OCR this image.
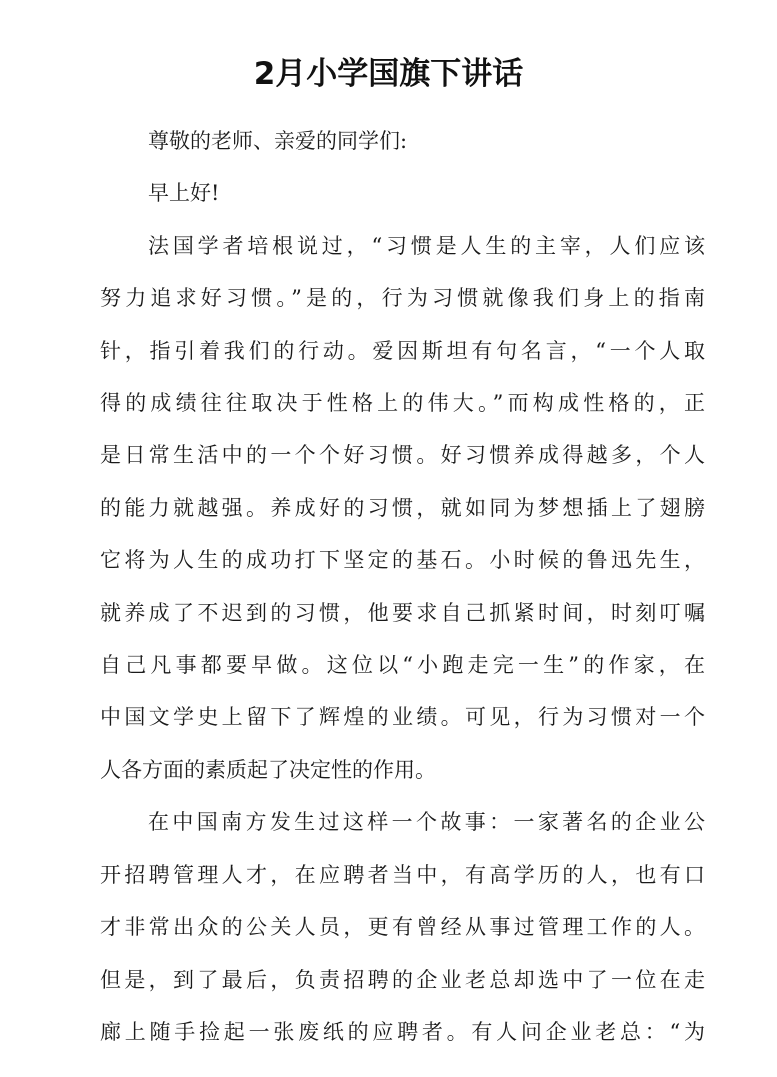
2月小学国旗下讲话

尊敬的老师、亲爱的同学们:

早上好!

法国学者培根说过，“习惯是人生的主宰，人们应该
努力追求好习惯。”是的，行为习惯就像我们身上的指南
针，指引着我们的行动。爱因斯坦有句名言，“一个人取
得的成绩往往取决于性格上的伟大。”而构成性格的，正
是日常生活中的一个个好习惯。好习惯养成得越多，个人
的能力就越强。养成好的习惯，就如同为梦想插上了翅膀
它将为人生的成功打下坚定的基石。小时候的鲁迅先生，
就养成了不迟到的习惯，他要求自己抓紧时间，时刻叮嘱
自己凡事都要早做。这位以“小跑走完一生”的作家，在
中国文学史上留下了辉煌的业绩。可见，行为习惯对一个
人各方面的素质起了决定性的作用。

在中国南方发生过这样一个故事：一家著名的企业公
开招聘管理人才，在应聘者当中，有高学历的人，也有口
才非常出众的公关人员，更有曾经从事过管理工作的人。
但是，到了最后，负责招聘的企业老总却选中了一位在走
廊上随手捡起一张废纸的应聘者。有人问企业老总：“为
